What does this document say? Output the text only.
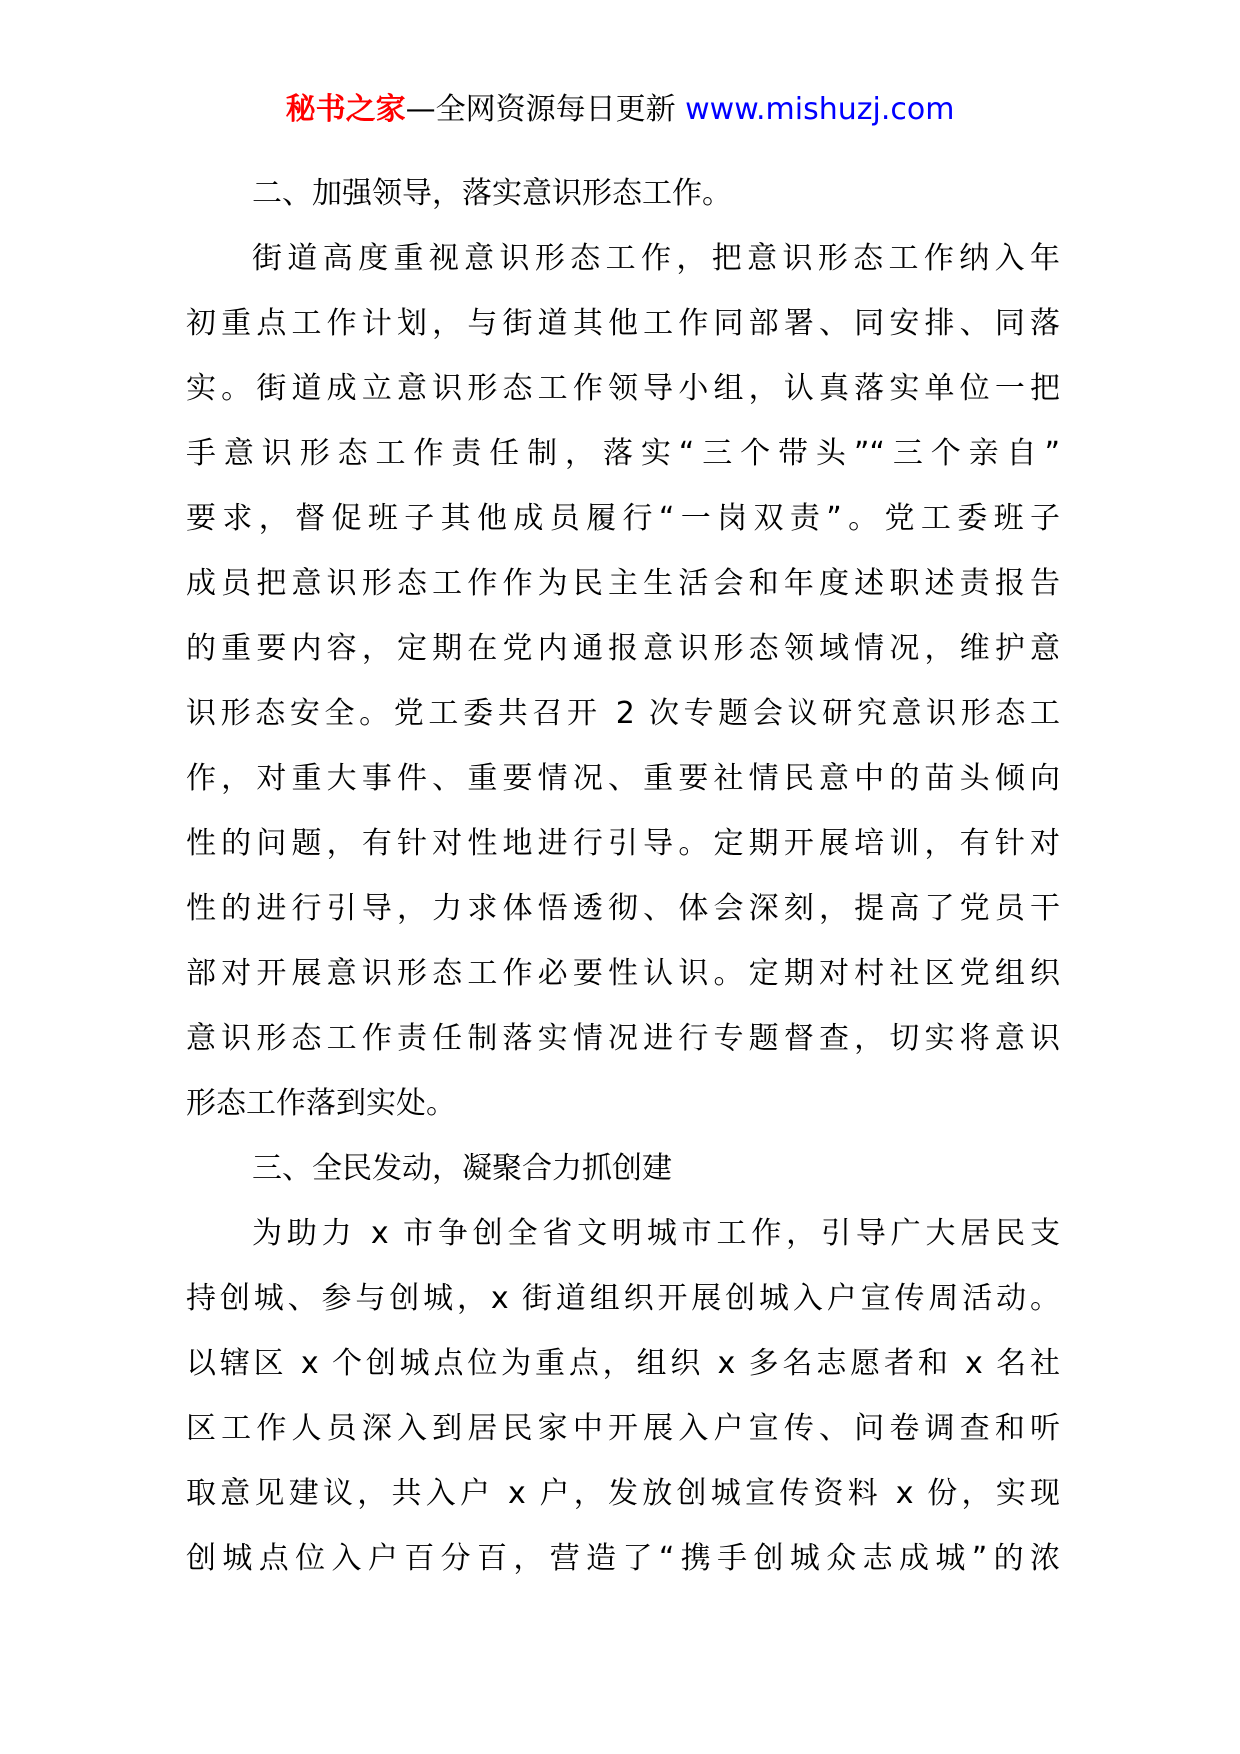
秘书之家—全网资源每日更新 www.mishuzj.com

二、加强领导，落实意识形态工作。

街道高度重视意识形态工作，把意识形态工作纳入年
初重点工作计划，与街道其他工作同部署、同安排、同落
实。街道成立意识形态工作领导小组，认真落实单位一把
手意识形态工作责任制，落实“三个带头”“三个亲自”
要求，督促班子其他成员履行“一岗双责”。党工委班子
成员把意识形态工作作为民主生活会和年度述职述责报告
的重要内容，定期在党内通报意识形态领域情况，维护意
识形态安全。党工委共召开 2 次专题会议研究意识形态工
作，对重大事件、重要情况、重要社情民意中的苗头倾向
性的问题，有针对性地进行引导。定期开展培训，有针对
性的进行引导，力求体悟透彻、体会深刻，提高了党员干
部对开展意识形态工作必要性认识。定期对村社区党组织
意识形态工作责任制落实情况进行专题督查，切实将意识
形态工作落到实处。

三、全民发动，凝聚合力抓创建

为助力 x 市争创全省文明城市工作，引导广大居民支
持创城、参与创城，x 街道组织开展创城入户宣传周活动。
以辖区 x 个创城点位为重点，组织 x 多名志愿者和 x 名社
区工作人员深入到居民家中开展入户宣传、问卷调查和听
取意见建议，共入户 x 户，发放创城宣传资料 x 份，实现
创城点位入户百分百，营造了“携手创城众志成城”的浓
